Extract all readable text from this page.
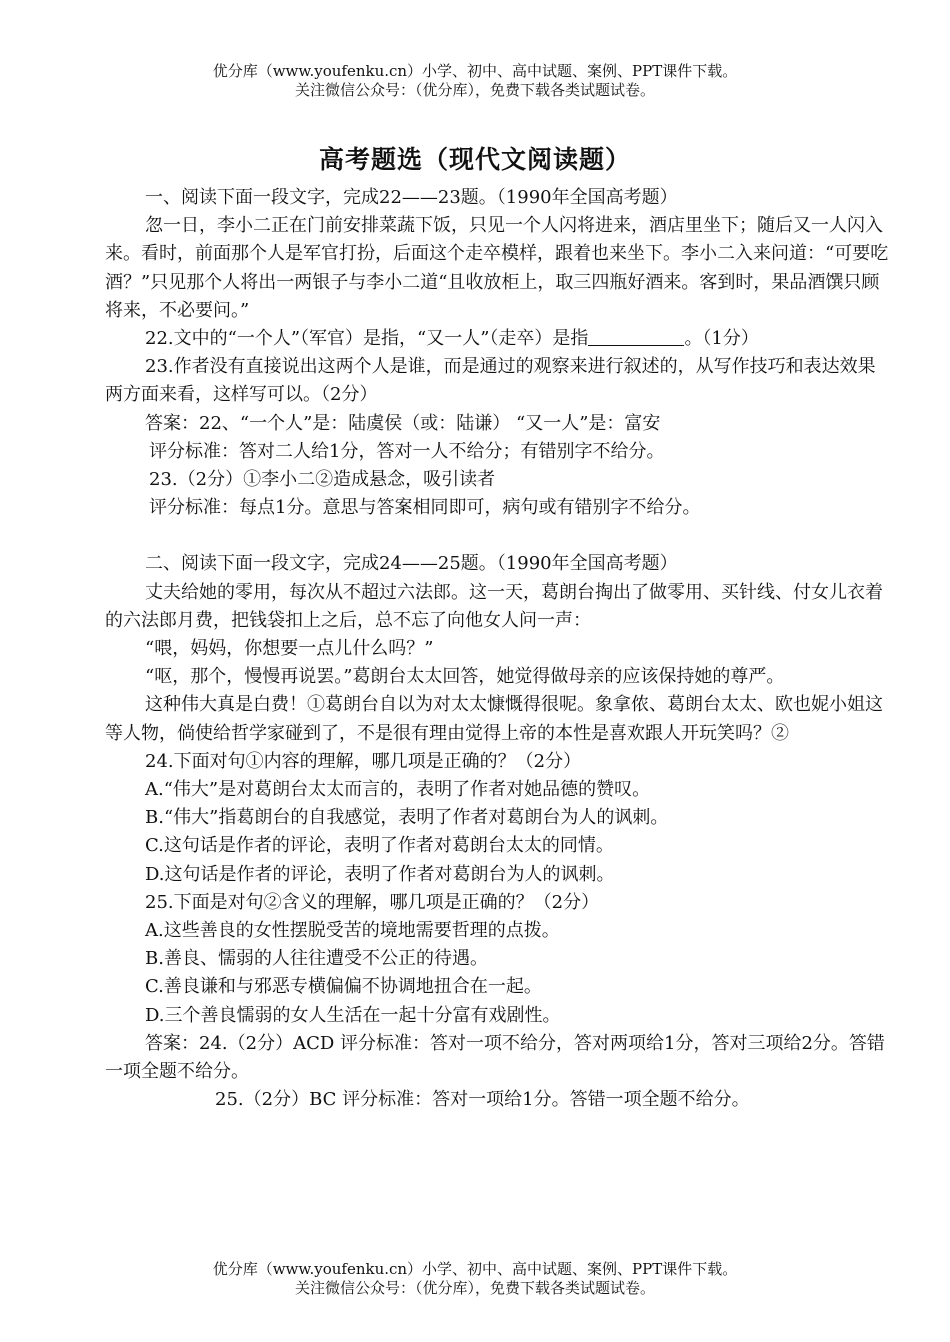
优分库（www.youfenku.cn）小学、初中、高中试题、案例、PPT课件下载。
关注微信公众号：（优分库），免费下载各类试题试卷。
高考题选（现代文阅读题）

一、阅读下面一段文字，完成22——23题。（1990年全国高考题）

忽一日，李小二正在门前安排菜蔬下饭，只见一个人闪将进来，酒店里坐下；随后又一人闪入来。看时，前面那个人是军官打扮，后面这个走卒模样，跟着也来坐下。李小二入来问道：“可要吃酒？”只见那个人将出一两银子与李小二道“且收放柜上，取三四瓶好酒来。客到时，果品酒馔只顾将来，不必要问。”

22.文中的“一个人”（军官）是指，“又一人”（走卒）是指	。（1分）

23.作者没有直接说出这两个人是谁，而是通过的观察来进行叙述的，从写作技巧和表达效果两方面来看，这样写可以。（2分）

答案：22、“一个人”是：陆虞侯（或：陆谦） “又一人”是：富安

评分标准：答对二人给1分，答对一人不给分；有错别字不给分。

23.（2分）①李小二②造成悬念，吸引读者

评分标准：每点1分。意思与答案相同即可，病句或有错别字不给分。

二、阅读下面一段文字，完成24——25题。（1990年全国高考题）

丈夫给她的零用，每次从不超过六法郎。这一天，葛朗台掏出了做零用、买针线、付女儿衣着的六法郎月费，把钱袋扣上之后，总不忘了向他女人问一声：

“喂，妈妈，你想要一点儿什么吗？”

“呕，那个，慢慢再说罢。”葛朗台太太回答，她觉得做母亲的应该保持她的尊严。

这种伟大真是白费！①葛朗台自以为对太太慷慨得很呢。象拿侬、葛朗台太太、欧也妮小姐这等人物，倘使给哲学家碰到了，不是很有理由觉得上帝的本性是喜欢跟人开玩笑吗？②

24.下面对句①内容的理解，哪几项是正确的？（2分）

A.“伟大”是对葛朗台太太而言的，表明了作者对她品德的赞叹。

B.“伟大”指葛朗台的自我感觉，表明了作者对葛朗台为人的讽刺。

C.这句话是作者的评论，表明了作者对葛朗台太太的同情。

D.这句话是作者的评论，表明了作者对葛朗台为人的讽刺。

25.下面是对句②含义的理解，哪几项是正确的？（2分）

A.这些善良的女性摆脱受苦的境地需要哲理的点拨。

B.善良、懦弱的人往往遭受不公正的待遇。

C.善良谦和与邪恶专横偏偏不协调地扭合在一起。

D.三个善良懦弱的女人生活在一起十分富有戏剧性。

答案：24.（2分）ACD 评分标准：答对一项不给分，答对两项给1分，答对三项给2分。答错一项全题不给分。

25.（2分）BC 评分标准：答对一项给1分。答错一项全题不给分。

优分库（www.youfenku.cn）小学、初中、高中试题、案例、PPT课件下载。
关注微信公众号：（优分库），免费下载各类试题试卷。
